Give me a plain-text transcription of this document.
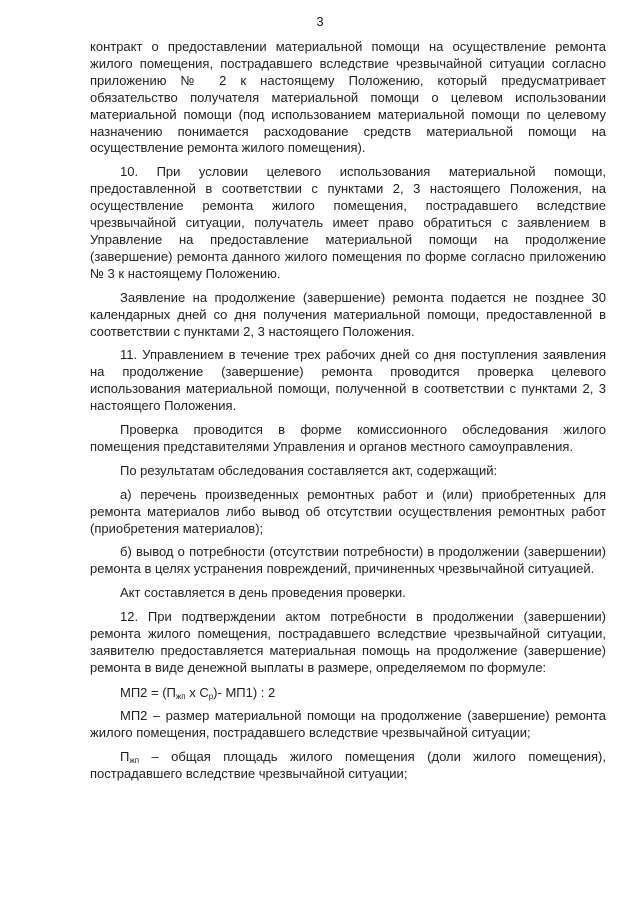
3

контракт о предоставлении материальной помощи на осуществление ремонта жилого помещения, пострадавшего вследствие чрезвычайной ситуации согласно приложению № 2 к настоящему Положению, который предусматривает обязательство получателя материальной помощи о целевом использовании материальной помощи (под использованием материальной помощи по целевому назначению понимается расходование средств материальной помощи на осуществление ремонта жилого помещения).

10. При условии целевого использования материальной помощи, предоставленной в соответствии с пунктами 2, 3 настоящего Положения, на осуществление ремонта жилого помещения, пострадавшего вследствие чрезвычайной ситуации, получатель имеет право обратиться с заявлением в Управление на предоставление материальной помощи на продолжение (завершение) ремонта данного жилого помещения по форме согласно приложению № 3 к настоящему Положению.

Заявление на продолжение (завершение) ремонта подается не позднее 30 календарных дней со дня получения материальной помощи, предоставленной в соответствии с пунктами 2, 3 настоящего Положения.

11. Управлением в течение трех рабочих дней со дня поступления заявления на продолжение (завершение) ремонта проводится проверка целевого использования материальной помощи, полученной в соответствии с пунктами 2, 3 настоящего Положения.

Проверка проводится в форме комиссионного обследования жилого помещения представителями Управления и органов местного самоуправления.

По результатам обследования составляется акт, содержащий:

а) перечень произведенных ремонтных работ и (или) приобретенных для ремонта материалов либо вывод об отсутствии осуществления ремонтных работ (приобретения материалов);

б) вывод о потребности (отсутствии потребности) в продолжении (завершении) ремонта в целях устранения повреждений, причиненных чрезвычайной ситуацией.

Акт составляется в день проведения проверки.

12. При подтверждении актом потребности в продолжении (завершении) ремонта жилого помещения, пострадавшего вследствие чрезвычайной ситуации, заявителю предоставляется материальная помощь на продолжение (завершение) ремонта в виде денежной выплаты в размере, определяемом по формуле:

$МП2 = (П_{жп}$ х $С_р)-$ МП1) : 2

МП2 – размер материальной помощи на продолжение (завершение) ремонта жилого помещения, пострадавшего вследствие чрезвычайной ситуации;

$П_{жп}$ – общая площадь жилого помещения (доли жилого помещения), пострадавшего вследствие чрезвычайной ситуации;
